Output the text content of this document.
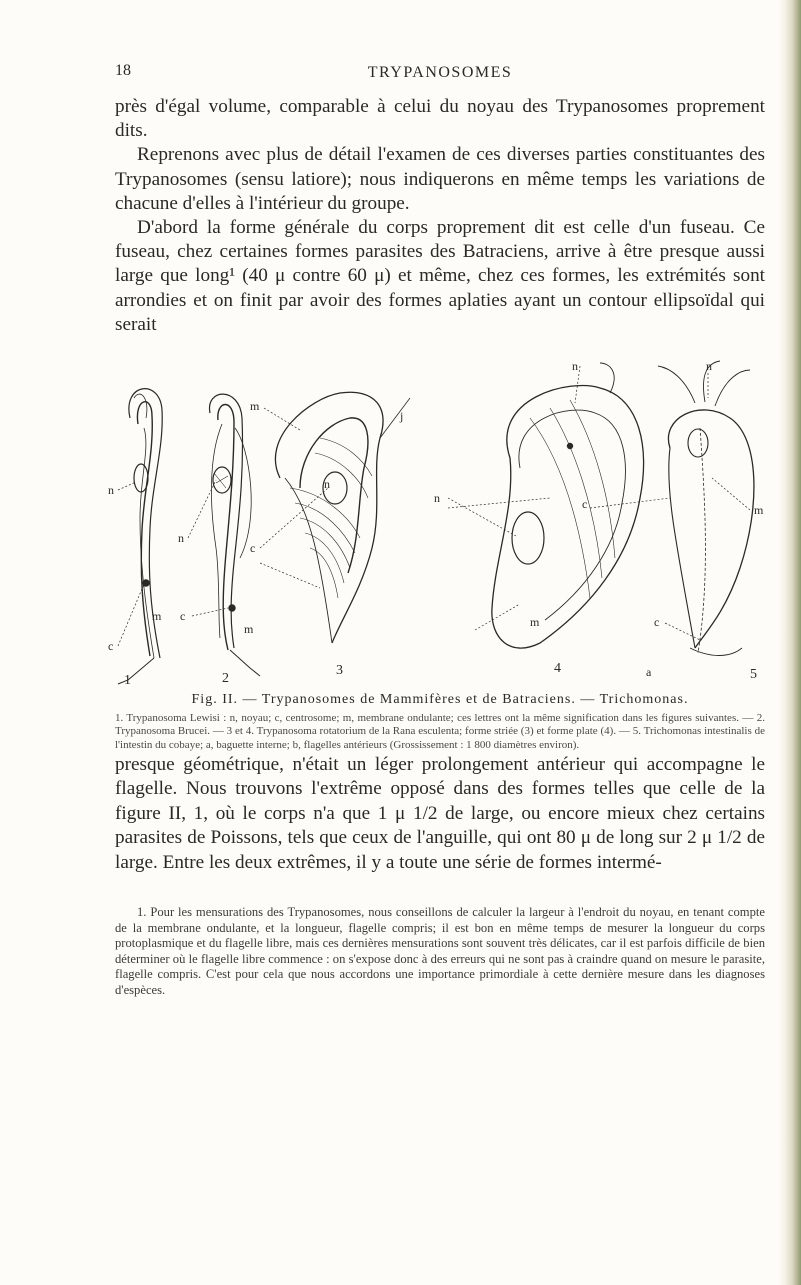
18	TRYPANOSOMES

près d'égal volume, comparable à celui du noyau des Trypanosomes proprement dits.

Reprenons avec plus de détail l'examen de ces diverses parties constituantes des Trypanosomes (sensu latiore); nous indiquerons en même temps les variations de chacune d'elles à l'intérieur du groupe.

D'abord la forme générale du corps proprement dit est celle d'un fuseau. Ce fuseau, chez certaines formes parasites des Batraciens, arrive à être presque aussi large que long¹ (40 μ contre 60 μ) et même, chez ces formes, les extrémités sont arrondies et on finit par avoir des formes aplaties ayant un contour ellipsoïdal qui serait

n
c
m
n
c
m
m
c
n
j
n
m
c
n	n
m
c
a
1	2
3	4	5
Fig. II. — Trypanosomes de Mammifères et de Batraciens. — Trichomonas.
1. Trypanosoma Lewisi : n, noyau; c, centrosome; m, membrane ondulante; ces lettres ont la même signification dans les figures suivantes. — 2. Trypanosoma Brucei. — 3 et 4. Trypanosoma rotatorium de la Rana esculenta; forme striée (3) et forme plate (4). — 5. Trichomonas intestinalis de l'intestin du cobaye; a, baguette interne; b, flagelles antérieurs (Grossissement : 1 800 diamètres environ).

presque géométrique, n'était un léger prolongement antérieur qui accompagne le flagelle. Nous trouvons l'extrême opposé dans des formes telles que celle de la figure II, 1, où le corps n'a que 1 μ 1/2 de large, ou encore mieux chez certains parasites de Poissons, tels que ceux de l'anguille, qui ont 80 μ de long sur 2 μ 1/2 de large. Entre les deux extrêmes, il y a toute une série de formes intermé-

1. Pour les mensurations des Trypanosomes, nous conseillons de calculer la largeur à l'endroit du noyau, en tenant compte de la membrane ondulante, et la longueur, flagelle compris; il est bon en même temps de mesurer la longueur du corps protoplasmique et du flagelle libre, mais ces dernières mensurations sont souvent très délicates, car il est parfois difficile de bien déterminer où le flagelle libre commence : on s'expose donc à des erreurs qui ne sont pas à craindre quand on mesure le parasite, flagelle compris. C'est pour cela que nous accordons une importance primordiale à cette dernière mesure dans les diagnoses d'espèces.
